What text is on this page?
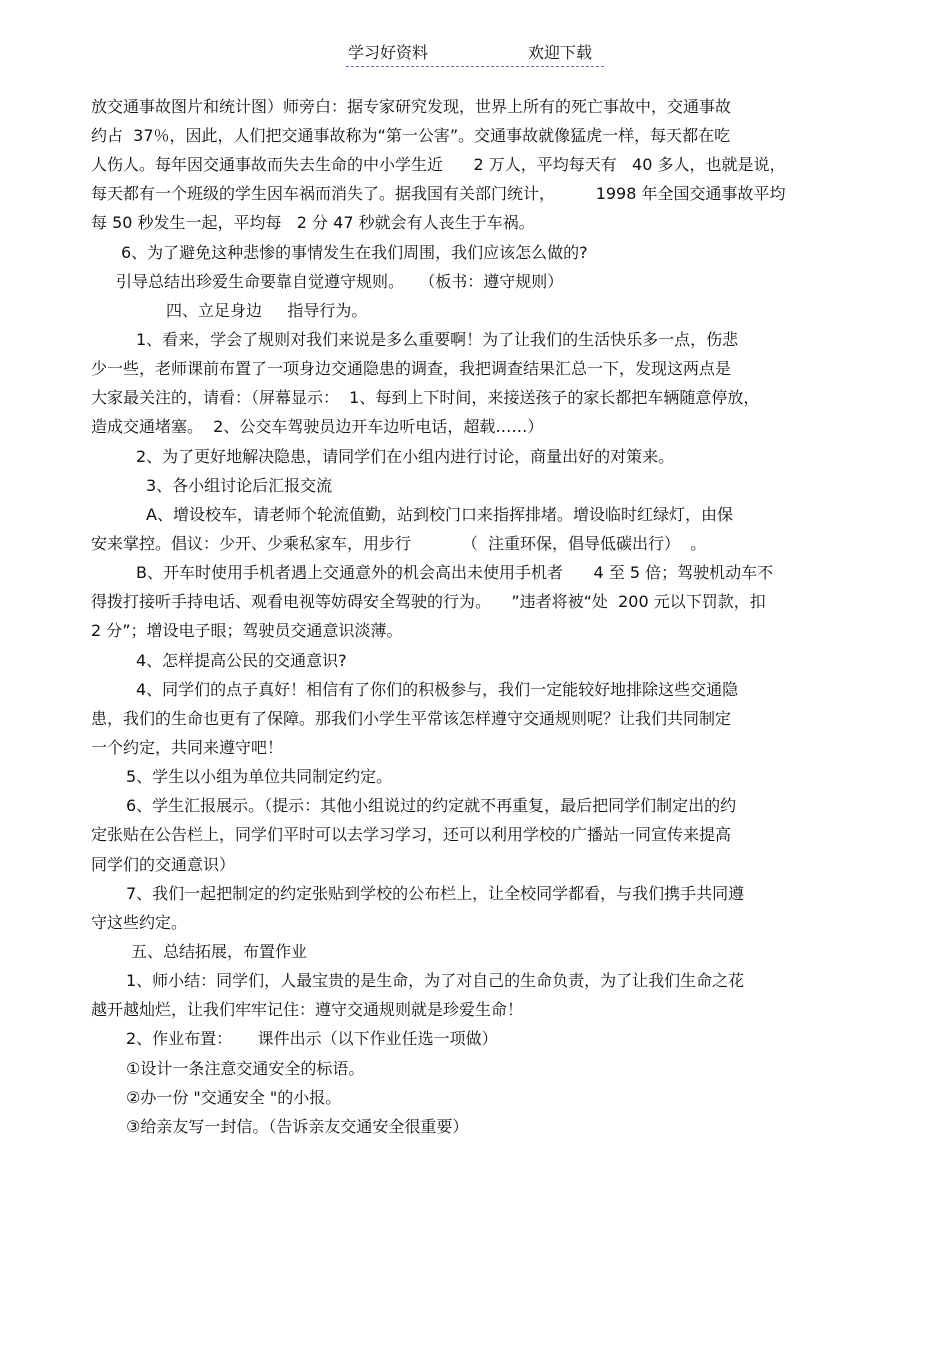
学习好资料	欢迎下载
放交通事故图片和统计图）师旁白：据专家研究发现，世界上所有的死亡事故中，交通事故
约占  37％，因此，人们把交通事故称为“第一公害”。交通事故就像猛虎一样，每天都在吃
人伤人。每年因交通事故而失去生命的中小学生近      2 万人，平均每天有   40 多人，也就是说，
每天都有一个班级的学生因车祸而消失了。据我国有关部门统计，        1998 年全国交通事故平均
每 50 秒发生一起，平均每   2 分 47 秒就会有人丧生于车祸。
6、为了避免这种悲惨的事情发生在我们周围，我们应该怎么做的?
引导总结出珍爱生命要靠自觉遵守规则。   （板书：遵守规则）
四、立足身边     指导行为。
1、看来，学会了规则对我们来说是多么重要啊！为了让我们的生活快乐多一点，伤悲
少一些，老师课前布置了一项身边交通隐患的调查，我把调查结果汇总一下，发现这两点是
大家最关注的，请看：（屏幕显示：  1、每到上下时间，来接送孩子的家长都把车辆随意停放，
造成交通堵塞。  2、公交车驾驶员边开车边听电话，超载……）
2、为了更好地解决隐患，请同学们在小组内进行讨论，商量出好的对策来。
3、各小组讨论后汇报交流
A、增设校车，请老师个轮流值勤，站到校门口来指挥排堵。增设临时红绿灯，由保
安来掌控。倡议：少开、少乘私家车，用步行          （  注重环保，倡导低碳出行）  。
B、开车时使用手机者遇上交通意外的机会高出未使用手机者      4 至 5 倍；驾驶机动车不
得拨打接听手持电话、观看电视等妨碍安全驾驶的行为。    ”违者将被“处  200 元以下罚款，扣
2 分”；增设电子眼；驾驶员交通意识淡薄。
4、怎样提高公民的交通意识?
4、同学们的点子真好！相信有了你们的积极参与，我们一定能较好地排除这些交通隐
患，我们的生命也更有了保障。那我们小学生平常该怎样遵守交通规则呢？让我们共同制定
一个约定，共同来遵守吧！
5、学生以小组为单位共同制定约定。
6、学生汇报展示。（提示：其他小组说过的约定就不再重复，最后把同学们制定出的约
定张贴在公告栏上，同学们平时可以去学习学习，还可以利用学校的广播站一同宣传来提高
同学们的交通意识）
7、我们一起把制定的约定张贴到学校的公布栏上，让全校同学都看，与我们携手共同遵
守这些约定。
五、总结拓展，布置作业
1、师小结：同学们，人最宝贵的是生命，为了对自己的生命负责，为了让我们生命之花
越开越灿烂，让我们牢牢记住：遵守交通规则就是珍爱生命！
2、作业布置：     课件出示（以下作业任选一项做）
①设计一条注意交通安全的标语。
②办一份 "交通安全 "的小报。
③给亲友写一封信。（告诉亲友交通安全很重要）
